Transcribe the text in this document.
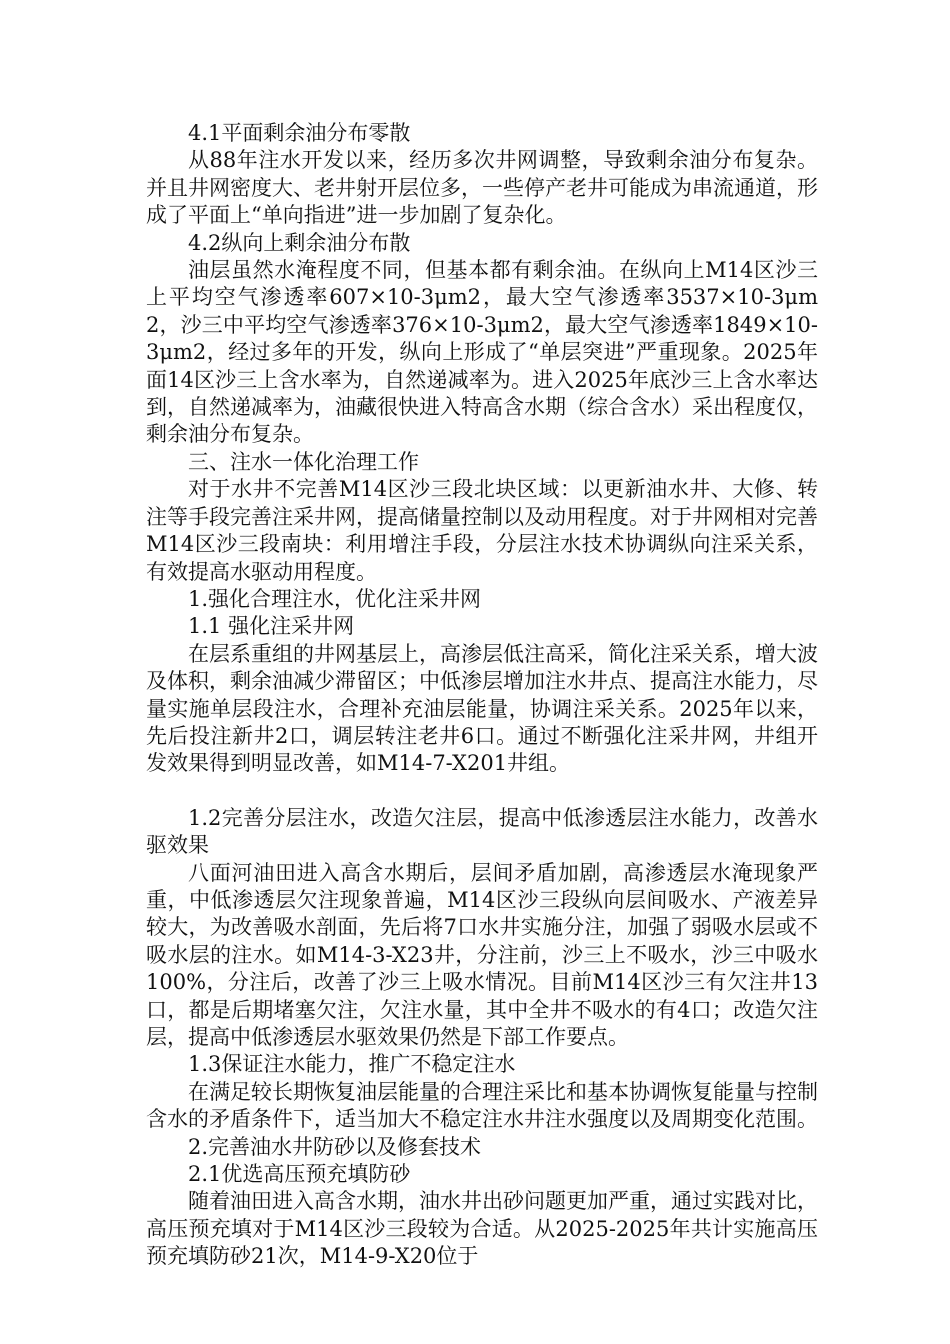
4.1平面剩余油分布零散

从88年注水开发以来，经历多次井网调整，导致剩余油分布复杂。并且井网密度大、老井射开层位多，一些停产老井可能成为串流通道，形成了平面上“单向指进”进一步加剧了复杂化。

4.2纵向上剩余油分布散

油层虽然水淹程度不同，但基本都有剩余油。在纵向上M14区沙三上平均空气渗透率607×10-3μm2，最大空气渗透率3537×10-3μm2，沙三中平均空气渗透率376×10-3μm2，最大空气渗透率1849×10-3μm2，经过多年的开发，纵向上形成了“单层突进”严重现象。2025年面14区沙三上含水率为，自然递减率为。进入2025年底沙三上含水率达到，自然递减率为，油藏很快进入特高含水期（综合含水）采出程度仅，剩余油分布复杂。

三、注水一体化治理工作

对于水井不完善M14区沙三段北块区域：以更新油水井、大修、转注等手段完善注采井网，提高储量控制以及动用程度。对于井网相对完善M14区沙三段南块：利用增注手段，分层注水技术协调纵向注采关系，有效提高水驱动用程度。

1.强化合理注水，优化注采井网

1.1 强化注采井网

在层系重组的井网基层上，高渗层低注高采，简化注采关系，增大波及体积，剩余油减少滞留区；中低渗层增加注水井点、提高注水能力，尽量实施单层段注水，合理补充油层能量，协调注采关系。2025年以来，先后投注新井2口，调层转注老井6口。通过不断强化注采井网，井组开发效果得到明显改善，如M14-7-X201井组。

1.2完善分层注水，改造欠注层，提高中低渗透层注水能力，改善水驱效果

八面河油田进入高含水期后，层间矛盾加剧，高渗透层水淹现象严重，中低渗透层欠注现象普遍，M14区沙三段纵向层间吸水、产液差异较大，为改善吸水剖面，先后将7口水井实施分注，加强了弱吸水层或不吸水层的注水。如M14-3-X23井，分注前，沙三上不吸水，沙三中吸水100%，分注后，改善了沙三上吸水情况。目前M14区沙三有欠注井13口，都是后期堵塞欠注，欠注水量，其中全井不吸水的有4口；改造欠注层，提高中低渗透层水驱效果仍然是下部工作要点。

1.3保证注水能力，推广不稳定注水

在满足较长期恢复油层能量的合理注采比和基本协调恢复能量与控制含水的矛盾条件下，适当加大不稳定注水井注水强度以及周期变化范围。

2.完善油水井防砂以及修套技术

2.1优选高压预充填防砂

随着油田进入高含水期，油水井出砂问题更加严重，通过实践对比，高压预充填对于M14区沙三段较为合适。从2025-2025年共计实施高压预充填防砂21次，M14-9-X20位于
